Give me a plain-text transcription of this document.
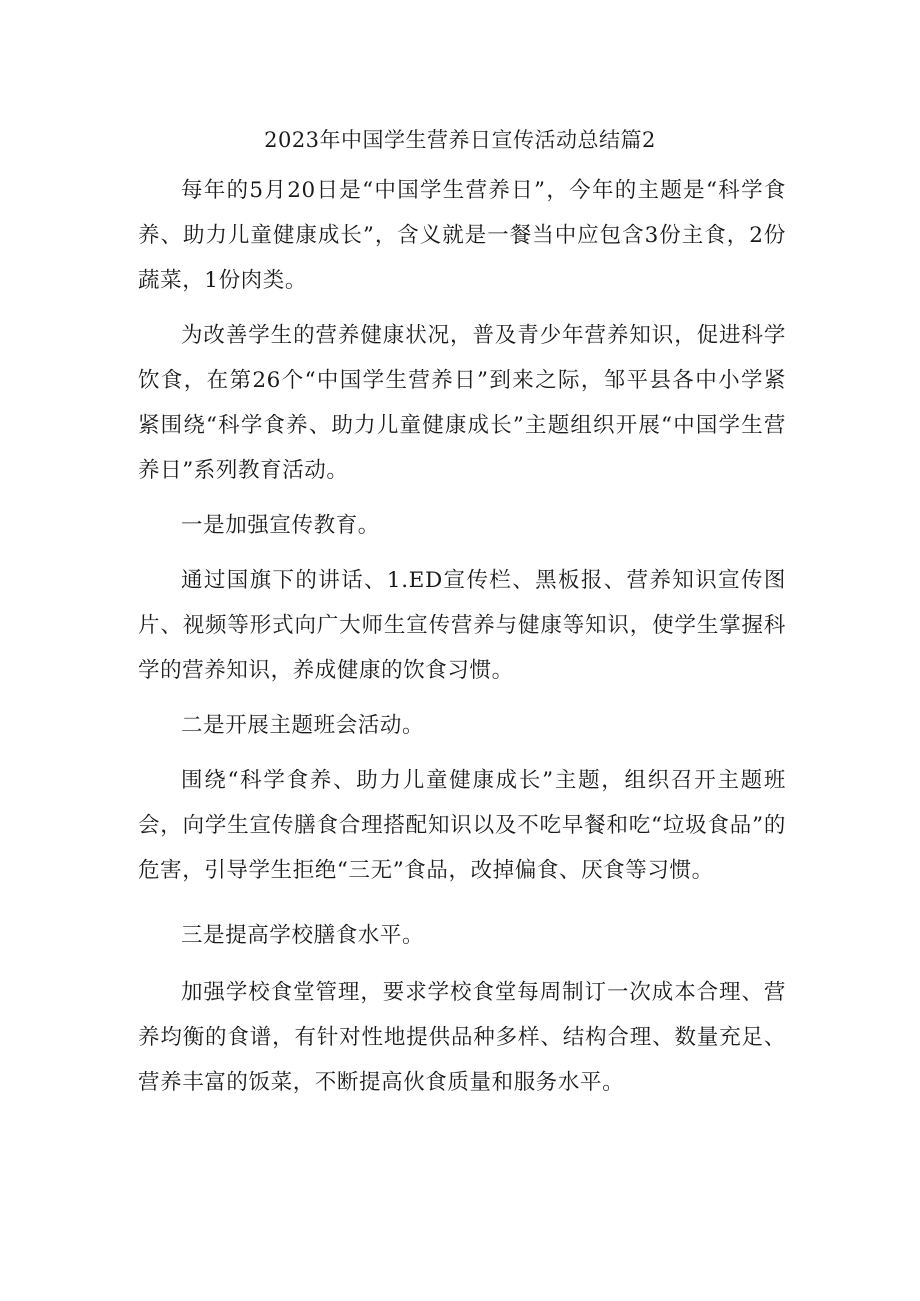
2023年中国学生营养日宣传活动总结篇2

每年的5月20日是“中国学生营养日”，今年的主题是“科学食养、助力儿童健康成长”，含义就是一餐当中应包含3份主食，2份蔬菜，1份肉类。

为改善学生的营养健康状况，普及青少年营养知识，促进科学饮食，在第26个“中国学生营养日”到来之际，邹平县各中小学紧紧围绕“科学食养、助力儿童健康成长”主题组织开展“中国学生营养日”系列教育活动。

一是加强宣传教育。

通过国旗下的讲话、1.ED宣传栏、黑板报、营养知识宣传图片、视频等形式向广大师生宣传营养与健康等知识，使学生掌握科学的营养知识，养成健康的饮食习惯。

二是开展主题班会活动。

围绕“科学食养、助力儿童健康成长”主题，组织召开主题班会，向学生宣传膳食合理搭配知识以及不吃早餐和吃“垃圾食品”的危害，引导学生拒绝“三无”食品，改掉偏食、厌食等习惯。

三是提高学校膳食水平。

加强学校食堂管理，要求学校食堂每周制订一次成本合理、营养均衡的食谱，有针对性地提供品种多样、结构合理、数量充足、营养丰富的饭菜，不断提高伙食质量和服务水平。
